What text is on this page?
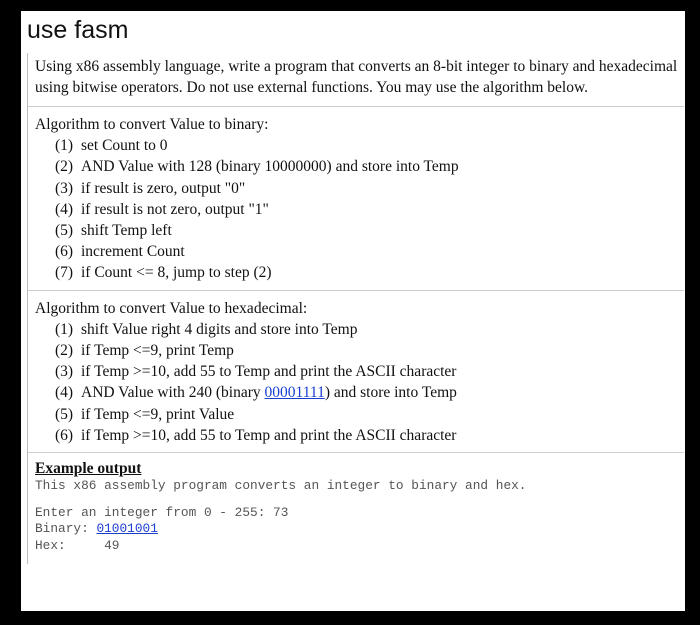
use fasm
Using x86 assembly language, write a program that converts an 8-bit integer to binary and hexadecimal using bitwise operators. Do not use external functions. You may use the algorithm below.

Algorithm to convert Value to binary:

(1) set Count to 0
(2) AND Value with 128 (binary 10000000) and store into Temp
(3) if result is zero, output "0"
(4) if result is not zero, output "1"
(5) shift Temp left
(6) increment Count
(7) if Count <= 8, jump to step (2)

Algorithm to convert Value to hexadecimal:

(1) shift Value right 4 digits and store into Temp
(2) if Temp <=9, print Temp
(3) if Temp >=10, add 55 to Temp and print the ASCII character
(4) AND Value with 240 (binary 00001111) and store into Temp
(5) if Temp <=9, print Value
(6) if Temp >=10, add 55 to Temp and print the ASCII character

Example output

This x86 assembly program converts an integer to binary and hex.

Enter an integer from 0 - 255: 73

Binary: 01001001

Hex:     49
